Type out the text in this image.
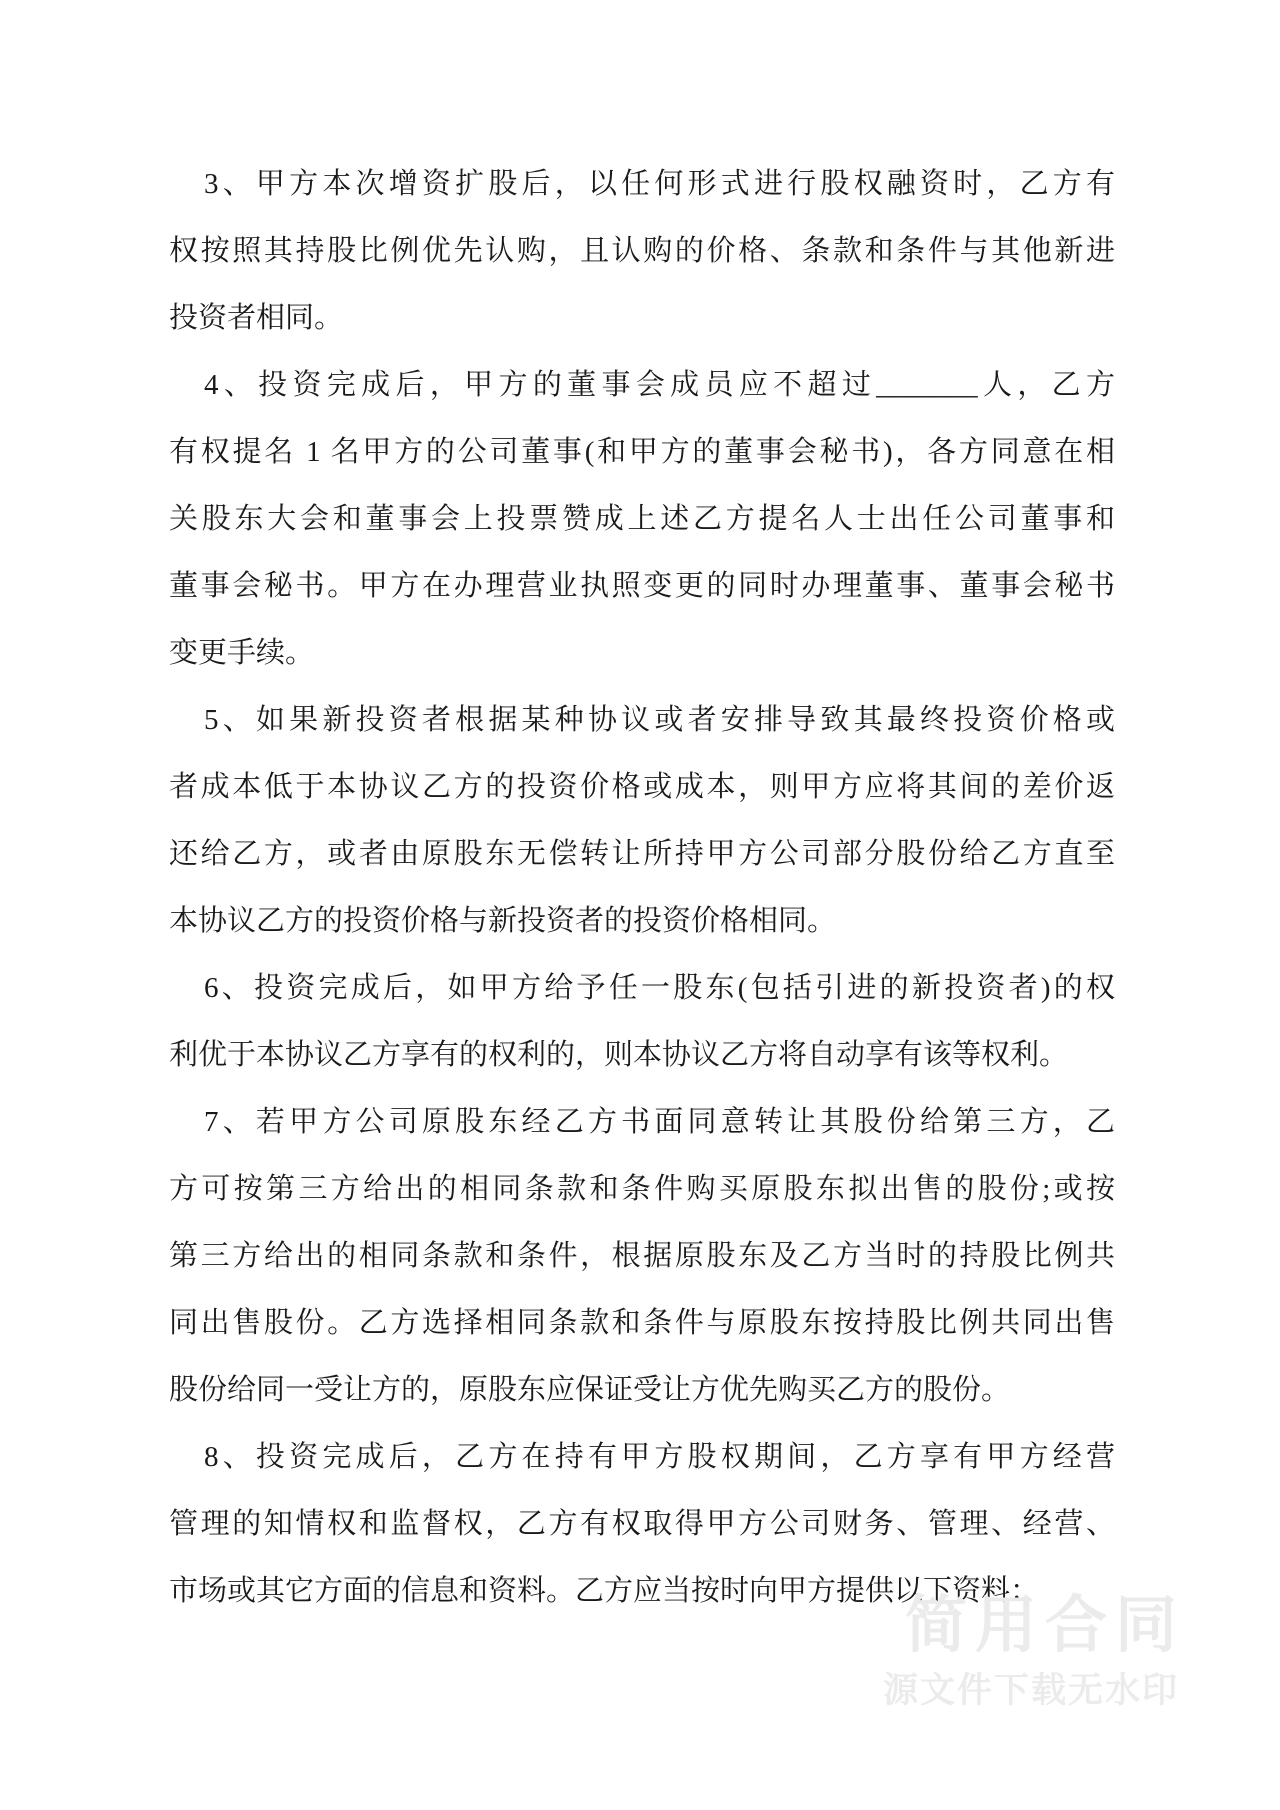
3、甲方本次增资扩股后，以任何形式进行股权融资时，乙方有
权按照其持股比例优先认购，且认购的价格、条款和条件与其他新进
投资者相同。
4、投资完成后，甲方的董事会成员应不超过_______人，乙方
有权提名 1 名甲方的公司董事(和甲方的董事会秘书)，各方同意在相
关股东大会和董事会上投票赞成上述乙方提名人士出任公司董事和
董事会秘书。甲方在办理营业执照变更的同时办理董事、董事会秘书
变更手续。
5、如果新投资者根据某种协议或者安排导致其最终投资价格或
者成本低于本协议乙方的投资价格或成本，则甲方应将其间的差价返
还给乙方，或者由原股东无偿转让所持甲方公司部分股份给乙方直至
本协议乙方的投资价格与新投资者的投资价格相同。
6、投资完成后，如甲方给予任一股东(包括引进的新投资者)的权
利优于本协议乙方享有的权利的，则本协议乙方将自动享有该等权利。
7、若甲方公司原股东经乙方书面同意转让其股份给第三方，乙
方可按第三方给出的相同条款和条件购买原股东拟出售的股份;或按
第三方给出的相同条款和条件，根据原股东及乙方当时的持股比例共
同出售股份。乙方选择相同条款和条件与原股东按持股比例共同出售
股份给同一受让方的，原股东应保证受让方优先购买乙方的股份。
8、投资完成后，乙方在持有甲方股权期间，乙方享有甲方经营
管理的知情权和监督权，乙方有权取得甲方公司财务、管理、经营、
市场或其它方面的信息和资料。乙方应当按时向甲方提供以下资料：
简用合同
源文件下载无水印
